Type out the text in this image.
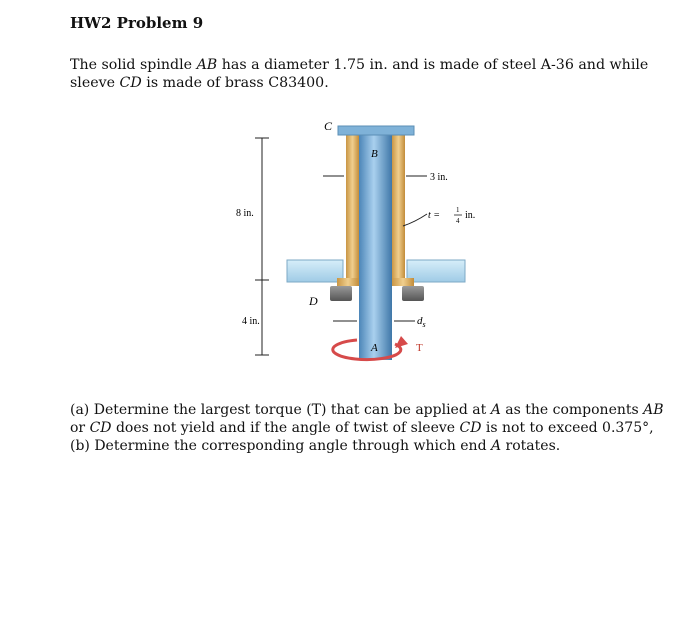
HW2 Problem 9
The solid spindle AB has a diameter 1.75 in. and is made of steel A-36 and while sleeve CD is made of brass C83400.
C
B
D
A	T
8 in.
4 in.
3 in.
t = 1
4 in.
$d_s$
(a) Determine the largest torque (T) that can be applied at A as the components AB or CD does not yield and if the angle of twist of sleeve CD is not to exceed 0.375°,
(b) Determine the corresponding angle through which end A rotates.
